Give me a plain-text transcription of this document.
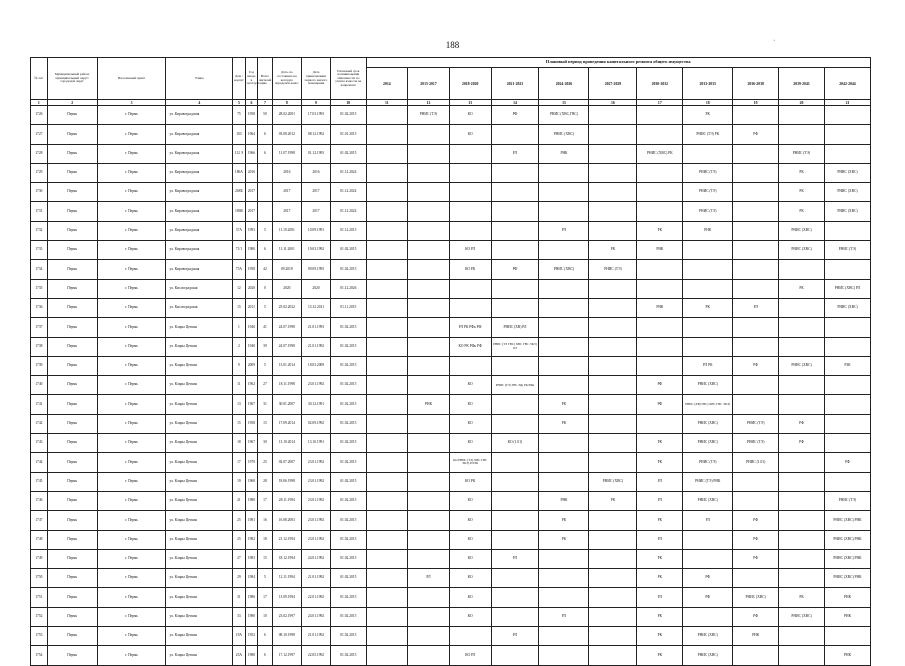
188	`
№ п/п	Муниципальный район/ муниципальный округ/городской округ	Населенный пункт	Улица	Дом / корпус	Год ввода в эксплуатацию	Всего жителей	Дата, по состоянию на которую определен износ	Дата приватизации первого жилого помещения	Плановый срок возникновения обязанности по уплате взносов на капремонт	Плановый период проведения капитального ремонта общего имущества										
										2014	2015-2017	2018-2020	2021-2023	2024-2026	2027-2029	2030-2032	2033-2035	2036-2038	2039-2041	2042-2044
1	2	3	4	5	6	7	8	9	10	11	12	13	14	15	16	17	18	19	20	21
1726	Пермь	г. Пермь	ул. Кировоградская	75	1958	50	28.02.2001	17.03.1993	01.02.2015		РНИС (ТЭ)	КО	РФ	РНИС (ХВС,ГВС)			РК			
1727	Пермь	г. Пермь	ул. Кировоградская	103	1964	6	03.08.2012	08.12.1992	01.01.2015			КО		РНИС (ХВС)			РНИС (ТЭ) РК	РФ		
1728	Пермь	г. Пермь	ул. Кировоградская	112 Э	1966	6	11.07.1998	01.12.1993	01.02.2015				РЛ	РНК		РНИС (ХВС) РК			РНИС (ТЭ)	
1729	Пермь	г. Пермь	ул. Кировоградская	186А	2016		2016	2016	01.12.2024								РНИС (ТЭ)		РК	РНИС (ХВС)
1730	Пермь	г. Пермь	ул. Кировоградская	268Б	2017		2017	2017	01.12.2024								РНИС (ТЭ)		РК	РНИС (ХВС)
1731	Пермь	г. Пермь	ул. Кировоградская	186В	2017		2017	2017	01.12.2024								РНИС (ТЭ)		РК	РНИС (ХВС)
1732	Пермь	г. Пермь	ул. Кировоградская	37А	1993	5	11.19.2001	10.09.1991	01.12.2015					РЛ		РК	РНК		РНИС (ХВС)	
1733	Пермь	г. Пермь	ул. Кировоградская	71/1	1980	6	11.11.2001	19.03.1992	01.02.2015			КО РЛ			РК	РНК			РНИС (ХВС)	РНИС (ТЭ)
1734	Пермь	г. Пермь	ул. Кировоградская	75А	1958	42	09.2018	09.09.1993	01.02.2015			КО РК	РФ	РНИС (ХВС)	РНИС (ТЭ)					
1735	Пермь	г. Пермь	ул. Кислоградская	12	2020	0	2020	2020	01.12.2026										РК	РНИС (ХВС) РЛ
1736	Пермь	г. Пермь	ул. Кислоградская	15	2011	5	25.02.2022	13.12.2011	01.11.2015							РНК	РК	РЛ		РНИС (ХВС)
1737	Пермь	г. Пермь	ул. Клары Цеткин	1	1940	41	24.07.1998	21.01.1993	01.02.2015			РЛ РК РФк РФ	РНИС (ХВ) РЛ							
1738	Пермь	г. Пермь	ул. Клары Цеткин	2	1940	39	24.07.1998	21.01.1992	01.02.2015			КО РК РФк РФ	РНИС (ТЭ ГВС) ХВС ГВС ЭКЭ) РЛ							
1739	Пермь	г. Пермь	ул. Клары Цеткин	9	2009	5	13.01.2014	18.03.2009	01.02.2015								РЛ РК	РФ	РНИС (ХВС)	РЗК
1740	Пермь	г. Пермь	ул. Клары Цеткин	11	1962	27	18.11.1998	23.01.1992	01.02.2015			КО	РНИС (ТЭ) ГВС ЭД) РК РФк			РФ	РНИС (ХВС)			
1741	Пермь	г. Пермь	ул. Клары Цеткин	13	1967	31	30.01.2007	30.12.1991	01.02.2015		РНК	КО		РК		РФ	РНИС (ХВ) ГВС) ХВС ГВС ЭКЭ)			
1742	Пермь	г. Пермь	ул. Клары Цеткин	15	1958	15	17.09.2014	02.09.1992	01.02.2015			КО		РК			РНИС (ХВС)	РНИС (ТЭ)	РФ	
1743	Пермь	г. Пермь	ул. Клары Цеткин	18	1967	30	13.10.2014	13.10.1991	01.02.2015			КО	КО (1.01)			РК	РНИС (ХВС)	РНИС (ТЭ)	РФ	
1744	Пермь	г. Пермь	ул. Клары Цеткин	17	1970	25	02.07.2007	23.01.1992	01.02.2015			КО РНИС (ТЭ) ХВС ГВС ЭКЭ) РЛ РК				РК	РНИС (ТЭ)	РНИС (1.01)		РФ
1745	Пермь	г. Пермь	ул. Клары Цеткин	19	1968	28	18.06.1998	23.01.1992	01.02.2015			КО РК			РНИС (ХВС)	РЛ	РНИС (ТЭ) РНК			
1746	Пермь	г. Пермь	ул. Клары Цеткин	21	1980	17	28.11.1994	23.01.1992	01.02.2015			КО		РНК	РК	РЛ	РНИС (ХВС)			РНИС (ТЭ)
1747	Пермь	г. Пермь	ул. Клары Цеткин	25	1981	16	16.08.2003	23.01.1992	01.02.2015			КО		РК		РК	РЛ	РФ		РНИС (ХВС) РНК
1748	Пермь	г. Пермь	ул. Клары Цеткин	25	1982	18	21.12.1994	23.01.1992	01.02.2015			КО		РК		РЛ		РФ		РНИС (ХВС) РНК
1749	Пермь	г. Пермь	ул. Клары Цеткин	27	1983	15	18.12.1994	24.01.1992	01.02.2015			КО	РЛ			РК		РФ		РНИС (ХВС) РНК
1750	Пермь	г. Пермь	ул. Клары Цеткин	29	1984	5	12.11.1994	21.01.1992	01.02.2015		РЛ	КО				РК	РФ			РНИС (ХВС) РНК
1751	Пермь	г. Пермь	ул. Клары Цеткин	31	1986	17	13.09.1994	22.01.1992	01.02.2015			КО				РЛ	РФ	РНИС (ХВС)	РК	РНК
1752	Пермь	г. Пермь	ул. Клары Цеткин	33	1980	10	23.02.1997	24.01.1992	01.02.2015			КО		РЛ		РК		РФ	РНИС (ХВС)	РНК
1753	Пермь	г. Пермь	ул. Клары Цеткин	19А	1952	6	08.10.1998	21.01.1992	01.02.2015				РЛ			РК	РНИС (ХВС)	РНК		
1754	Пермь	г. Пермь	ул. Клары Цеткин	23А	1988	6	17.12.1997	22.05.1992	01.02.2015			КО РЛ				РК	РНИС (ХВС)			РНК
